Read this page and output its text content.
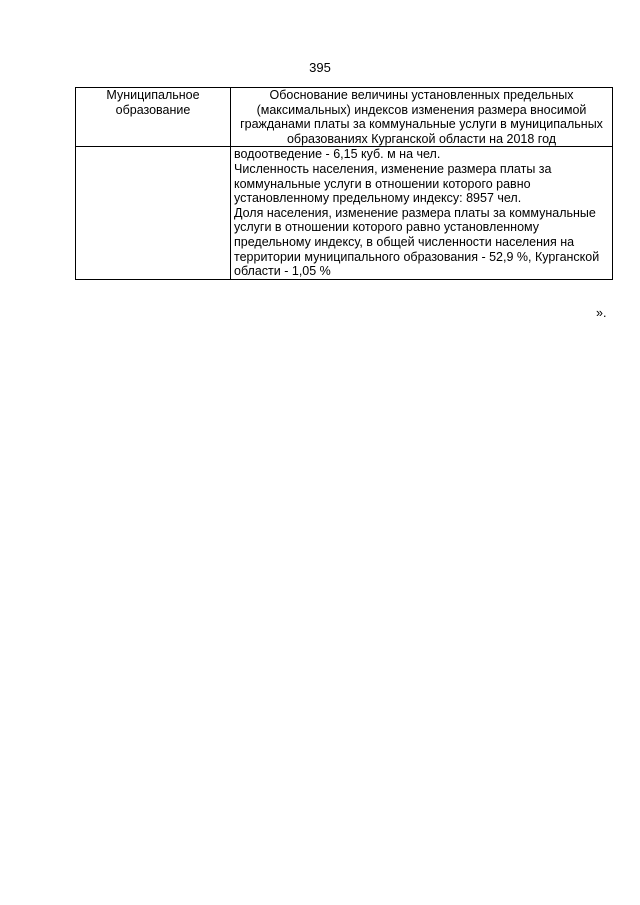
395
Муниципальное образование	Обоснование величины установленных предельных (максимальных) индексов изменения размера вносимой гражданами платы за коммунальные услуги в муниципальных образованиях Курганской области на 2018 год

	водоотведение - 6,15 куб. м на чел.

Численность населения, изменение размера платы за коммунальные услуги в отношении которого равно установленному предельному индексу: 8957 чел.

Доля населения, изменение размера платы за коммунальные услуги в отношении которого равно установленному предельному индексу, в общей численности населения на территории муниципального образования - 52,9 %, Курганской области - 1,05 %

».
